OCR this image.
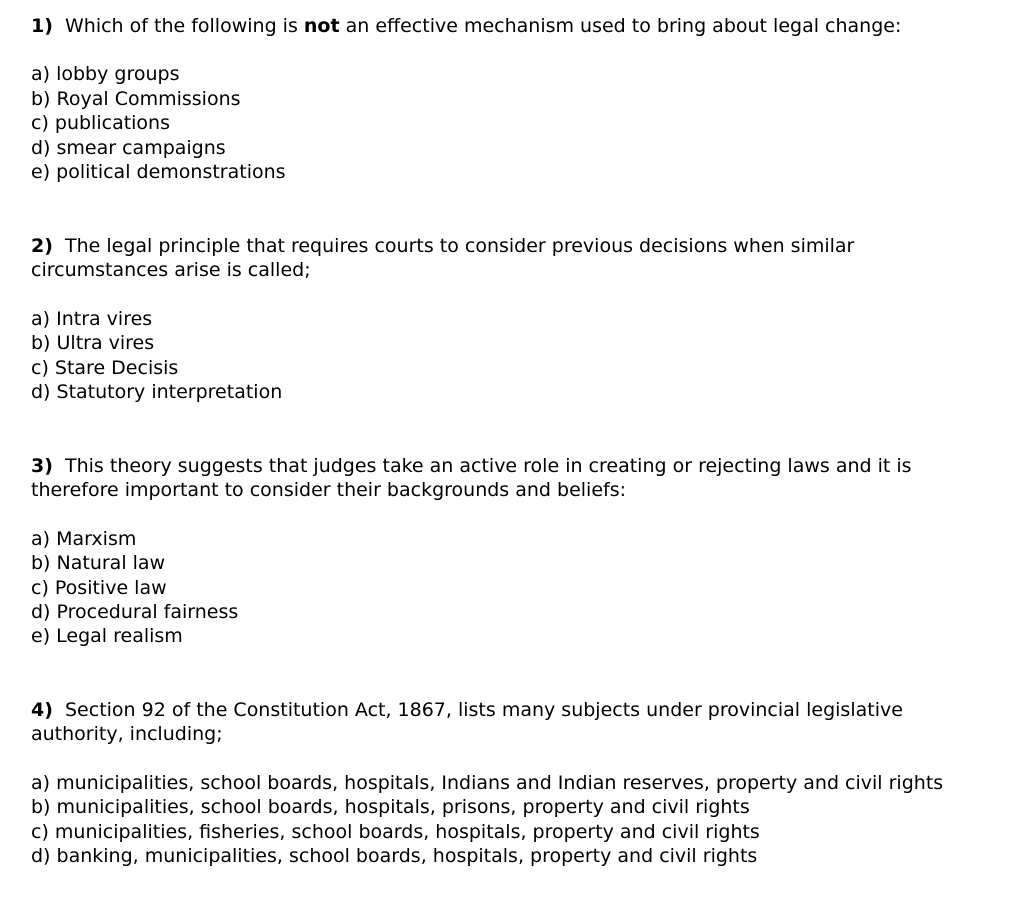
1) Which of the following is not an effective mechanism used to bring about legal change:

a) lobby groups
b) Royal Commissions
c) publications
d) smear campaigns
e) political demonstrations

2) The legal principle that requires courts to consider previous decisions when similar circumstances arise is called;

a) Intra vires
b) Ultra vires
c) Stare Decisis
d) Statutory interpretation

3) This theory suggests that judges take an active role in creating or rejecting laws and it is therefore important to consider their backgrounds and beliefs:

a) Marxism
b) Natural law
c) Positive law
d) Procedural fairness
e) Legal realism

4) Section 92 of the Constitution Act, 1867, lists many subjects under provincial legislative authority, including;

a) municipalities, school boards, hospitals, Indians and Indian reserves, property and civil rights
b) municipalities, school boards, hospitals, prisons, property and civil rights
c) municipalities, fisheries, school boards, hospitals, property and civil rights
d) banking, municipalities, school boards, hospitals, property and civil rights
